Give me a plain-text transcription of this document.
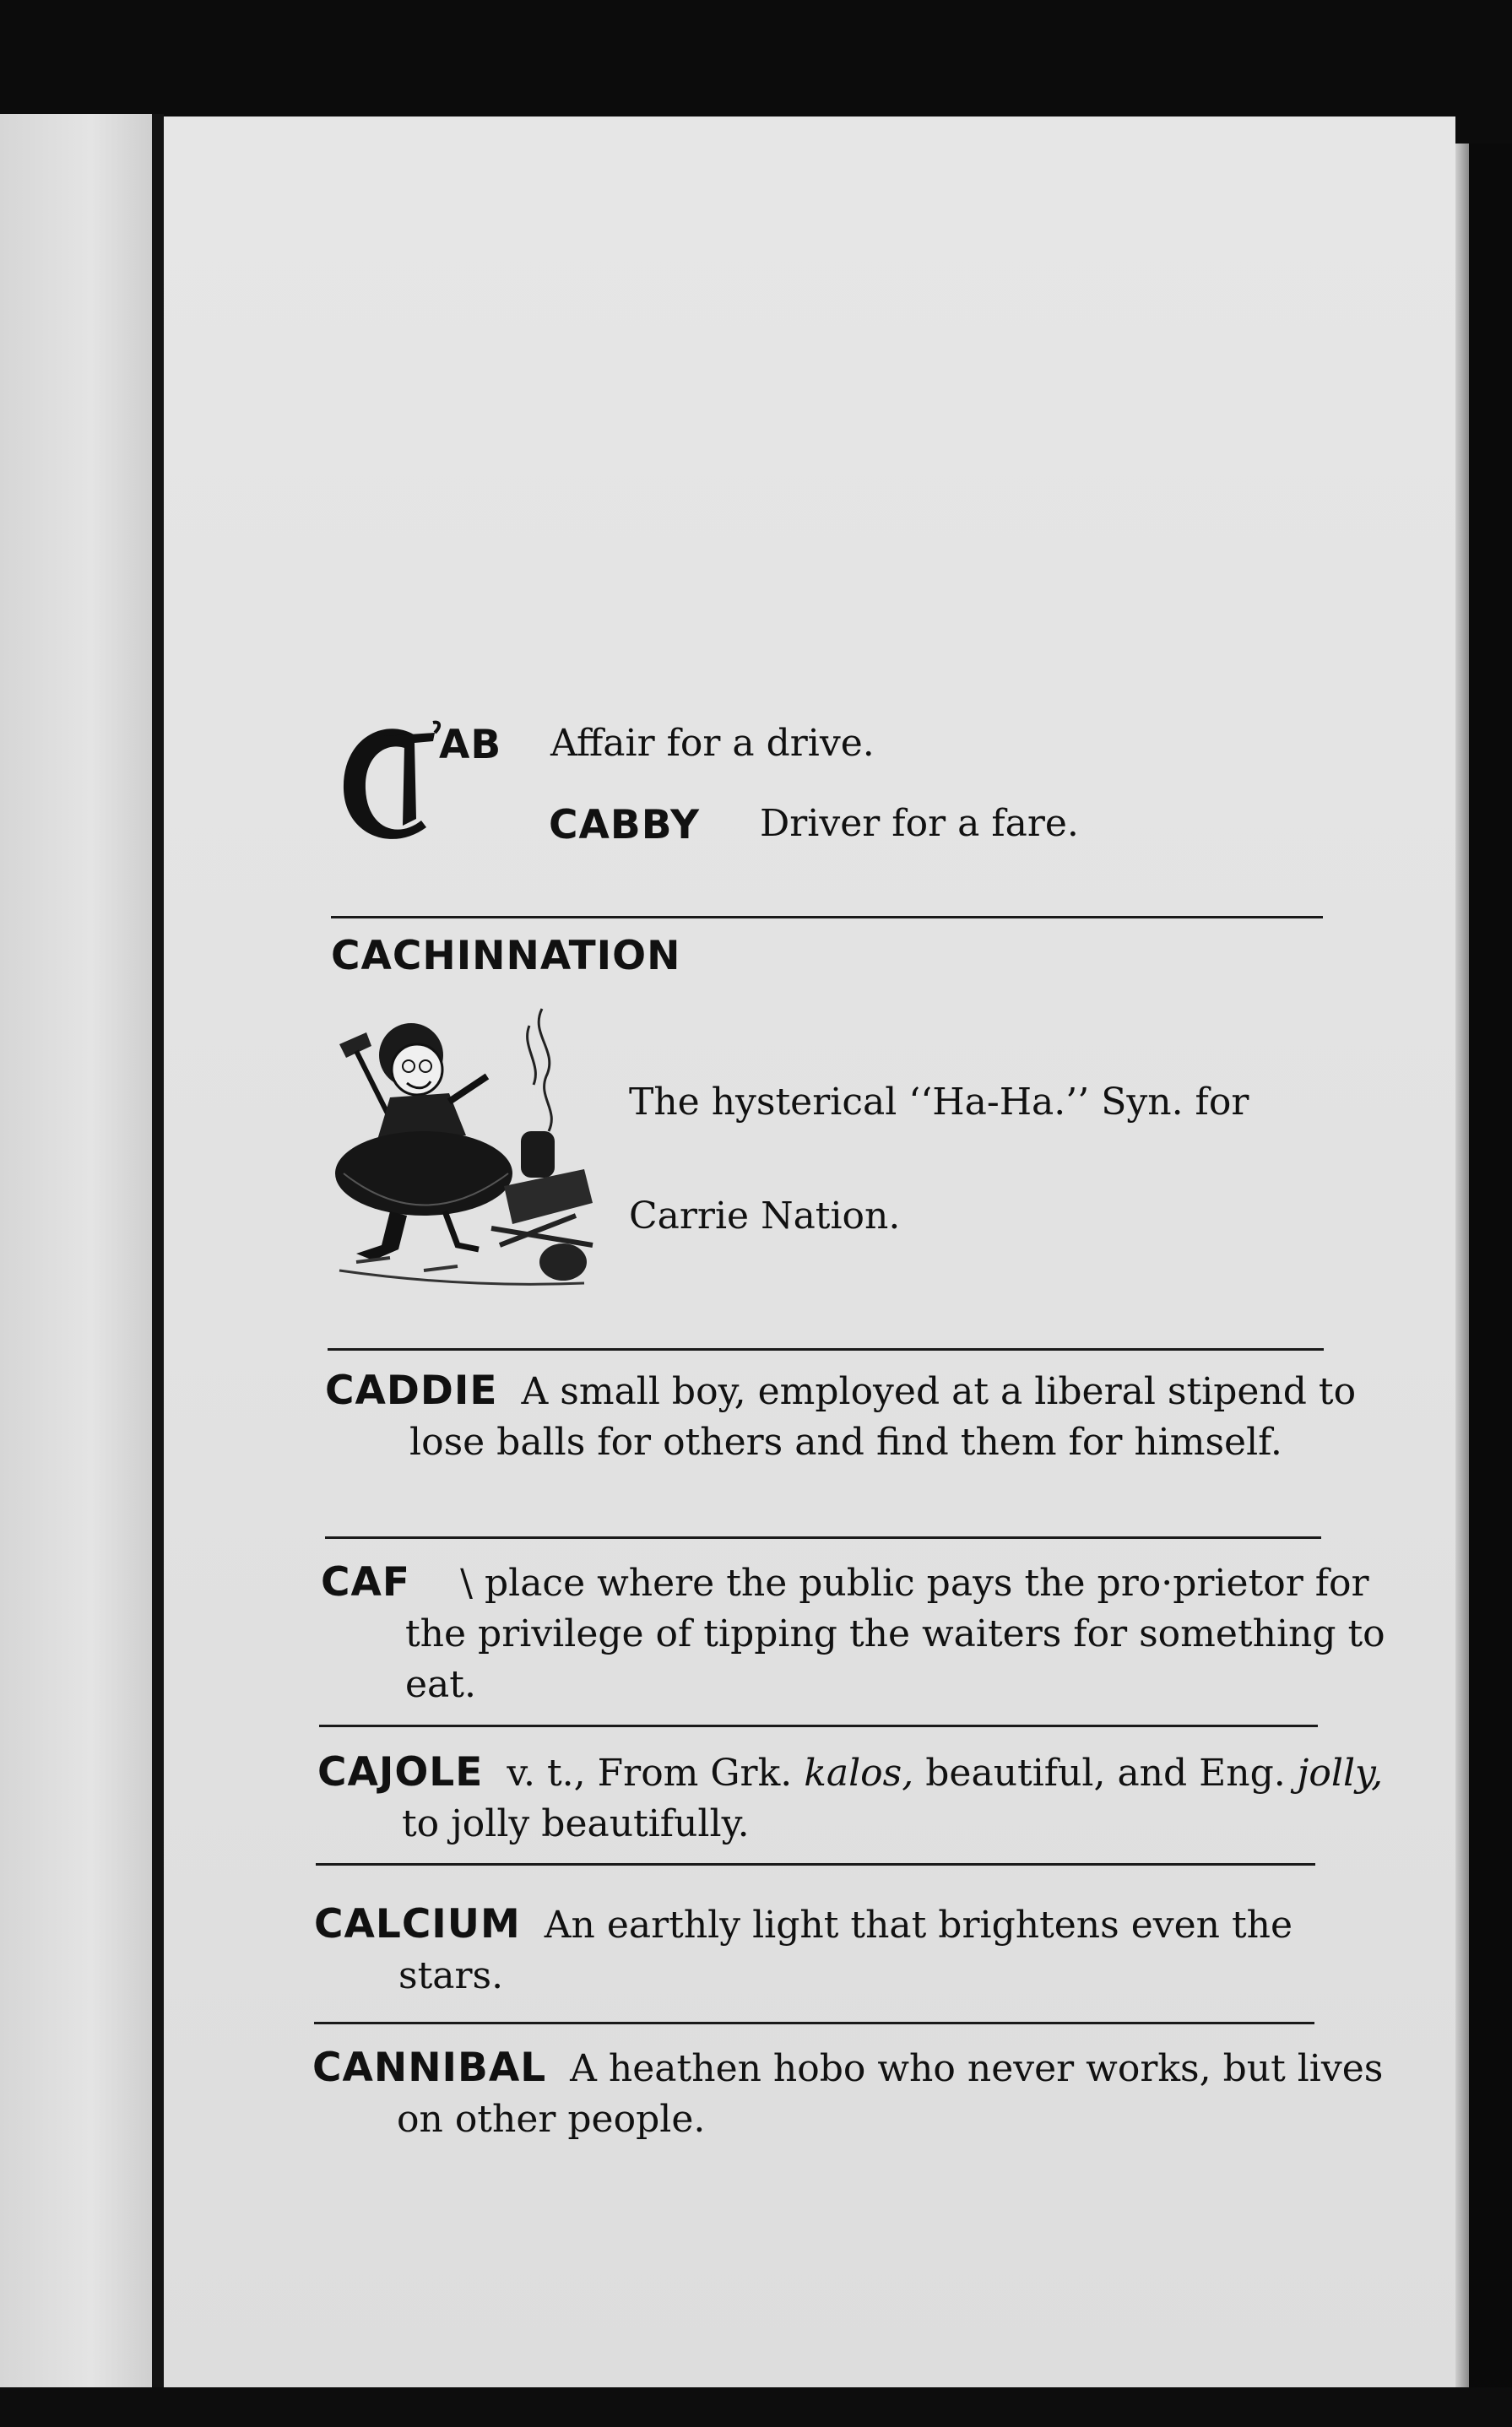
AB Affair for a drive.
CABBY Driver for a fare.
CACHINNATION
The hysterical ‘‘Ha-Ha.’’ Syn. for
Carrie Nation.
CADDIE A small boy, employed at a liberal stipend to lose balls for others and find them for himself.
CAF   \ place where the public pays the pro·prietor for the privilege of tipping the waiters for something to eat.
CAJOLE v. t., From Grk. kalos, beautiful, and Eng. jolly, to jolly beautifully.
CALCIUM An earthly light that brightens even the stars.
CANNIBAL A heathen hobo who never works, but lives on other people.
